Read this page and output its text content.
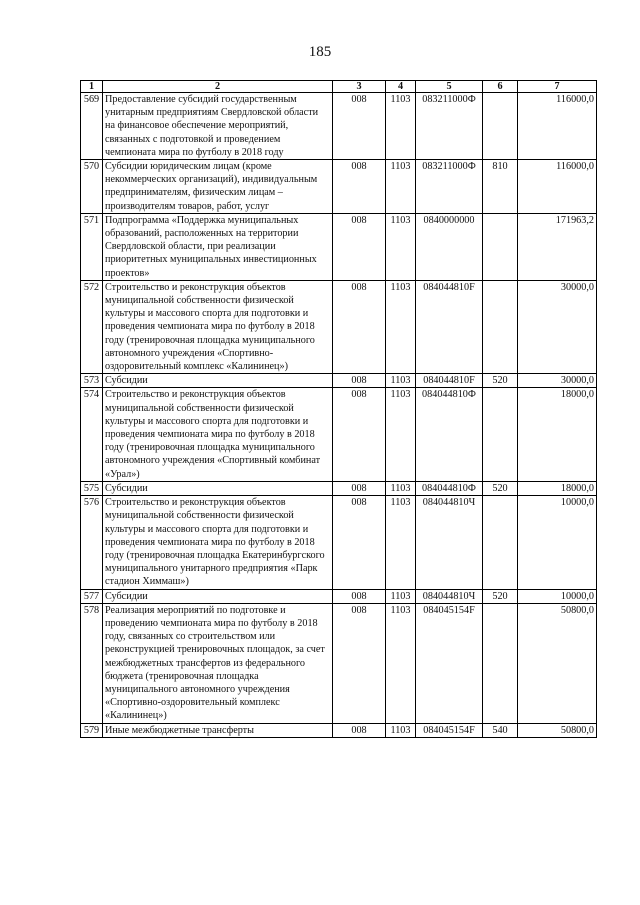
185
1	2	3	4	5	6	7
569	Предоставление субсидий государственным унитарным предприятиям Свердловской области на финансовое обеспечение мероприятий, связанных с подготовкой и проведением чемпионата мира по футболу в 2018 году	008	1103	083211000Ф		116000,0
570	Субсидии юридическим лицам (кроме некоммерческих организаций), индивидуальным предпринимателям, физическим лицам – производителям товаров, работ, услуг	008	1103	083211000Ф	810	116000,0
571	Подпрограмма «Поддержка муниципальных образований, расположенных на территории Свердловской области, при реализации приоритетных муниципальных инвестиционных проектов»	008	1103	0840000000		171963,2
572	Строительство и реконструкция объектов муниципальной собственности физической культуры и массового спорта для подготовки и проведения чемпионата мира по футболу в 2018 году (тренировочная площадка муниципального автономного учреждения «Спортивно-оздоровительный комплекс «Калининец»)	008	1103	084044810F		30000,0
573	Субсидии	008	1103	084044810F	520	30000,0
574	Строительство и реконструкция объектов муниципальной собственности физической культуры и массового спорта для подготовки и проведения чемпионата мира по футболу в 2018 году (тренировочная площадка муниципального автономного учреждения «Спортивный комбинат «Урал»)	008	1103	084044810Ф		18000,0
575	Субсидии	008	1103	084044810Ф	520	18000,0
576	Строительство и реконструкция объектов муниципальной собственности физической культуры и массового спорта для подготовки и проведения чемпионата мира по футболу в 2018 году (тренировочная площадка Екатеринбургского муниципального унитарного предприятия «Парк стадион Химмаш»)	008	1103	084044810Ч		10000,0
577	Субсидии	008	1103	084044810Ч	520	10000,0
578	Реализация мероприятий по подготовке и проведению чемпионата мира по футболу в 2018 году, связанных со строительством или реконструкцией тренировочных площадок, за счет межбюджетных трансфертов из федерального бюджета (тренировочная площадка муниципального автономного учреждения «Спортивно-оздоровительный комплекс «Калининец»)	008	1103	084045154F		50800,0
579	Иные межбюджетные трансферты	008	1103	084045154F	540	50800,0
